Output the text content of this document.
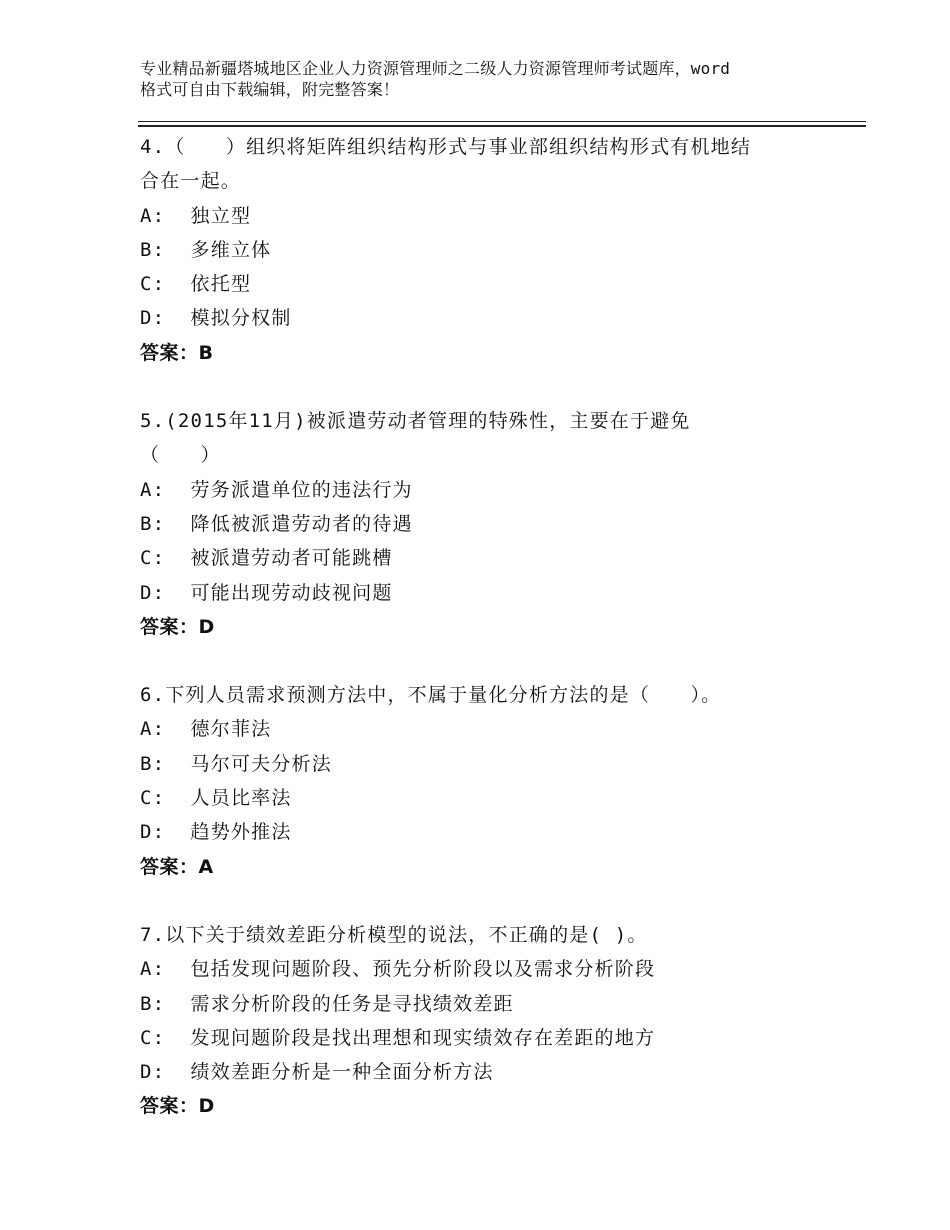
专业精品新疆塔城地区企业人力资源管理师之二级人力资源管理师考试题库，word
格式可自由下载编辑，附完整答案！

4.（　　）组织将矩阵组织结构形式与事业部组织结构形式有机地结

合在一起。

A:  独立型

B:  多维立体

C:  依托型

D:  模拟分权制

答案：B

5.(2015年11月)被派遣劳动者管理的特殊性，主要在于避免

（　　）

A:  劳务派遣单位的违法行为

B:  降低被派遣劳动者的待遇

C:  被派遣劳动者可能跳槽

D:  可能出现劳动歧视问题

答案：D

6.下列人员需求预测方法中，不属于量化分析方法的是（　　）。

A:  德尔菲法

B:  马尔可夫分析法

C:  人员比率法

D:  趋势外推法

答案：A

7.以下关于绩效差距分析模型的说法，不正确的是( )。

A:  包括发现问题阶段、预先分析阶段以及需求分析阶段

B:  需求分析阶段的任务是寻找绩效差距

C:  发现问题阶段是找出理想和现实绩效存在差距的地方

D:  绩效差距分析是一种全面分析方法

答案：D
